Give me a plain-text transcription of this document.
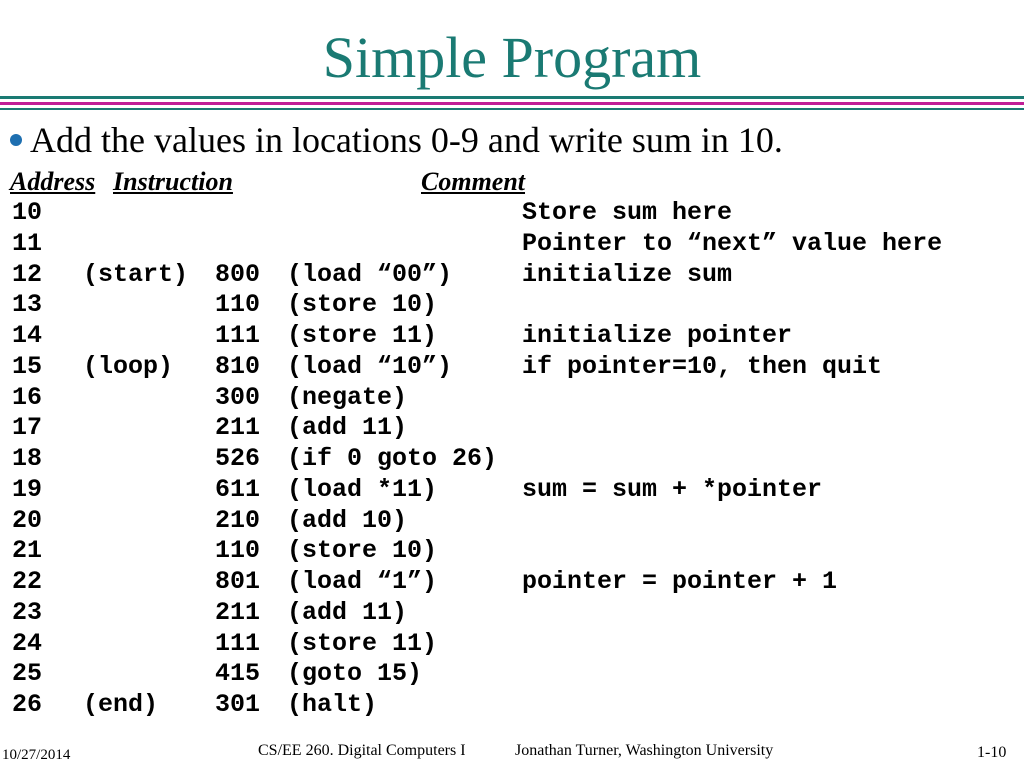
Simple Program
Add the values in locations 0-9 and write sum in 10.
Address Instruction	Comment
10	Store sum here
11	Pointer to “next” value here
12 (start) 800 (load “00”)	initialize sum
13	110 (store 10)
14	111 (store 11)	initialize pointer
15 (loop) 810 (load “10”)	if pointer=10, then quit
16	300 (negate)
17	211 (add 11)
18	526 (if 0 goto 26)
19	611 (load *11)	sum = sum + *pointer
20	210 (add 10)
21	110 (store 10)
22	801 (load “1”)	pointer = pointer + 1
23	211 (add 11)
24	111 (store 11)
25	415 (goto 15)
26 (end) 301 (halt)
10/27/2014	CS/EE 260. Digital Computers I	Jonathan Turner, Washington University	1-10
